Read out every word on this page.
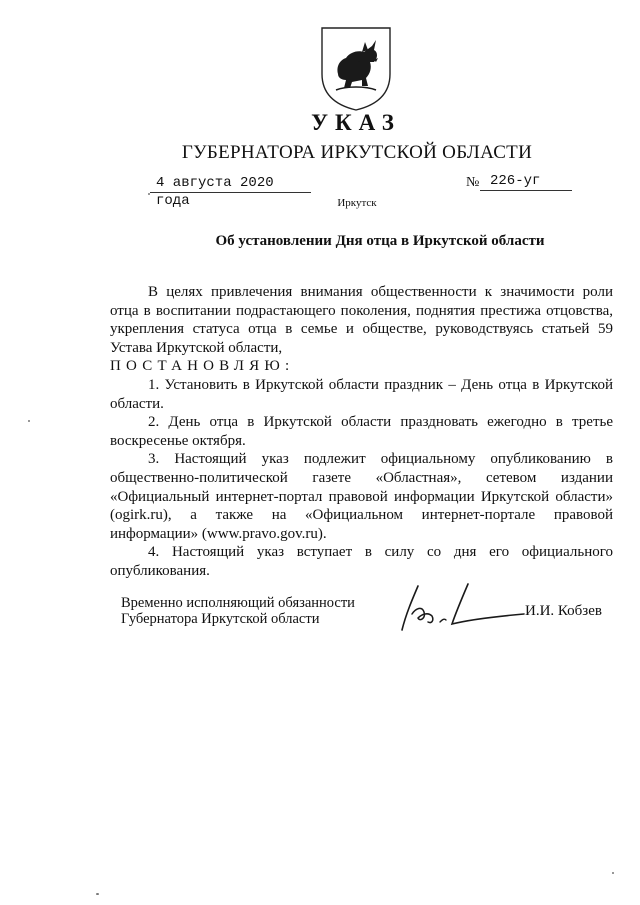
УКАЗ
ГУБЕРНАТОРА ИРКУТСКОЙ ОБЛАСТИ
4 августа 2020 года
№ 226-уг
Иркутск
Об установлении Дня отца в Иркутской области

В целях привлечения внимания общественности к значимости роли отца в воспитании подрастающего поколения, поднятия престижа отцовства, укрепления статуса отца в семье и обществе, руководствуясь статьей 59 Устава Иркутской области,

ПОСТАНОВЛЯЮ:

1. Установить в Иркутской области праздник – День отца в Иркутской области.

2. День отца в Иркутской области праздновать ежегодно в третье воскресенье октября.

3. Настоящий указ подлежит официальному опубликованию в общественно-политической газете «Областная», сетевом издании «Официальный интернет-портал правовой информации Иркутской области» (ogirk.ru), а также на «Официальном интернет-портале правовой информации» (www.pravo.gov.ru).

4. Настоящий указ вступает в силу со дня его официального опубликования.

Временно исполняющий обязанности
Губернатора Иркутской области	И.И. Кобзев
